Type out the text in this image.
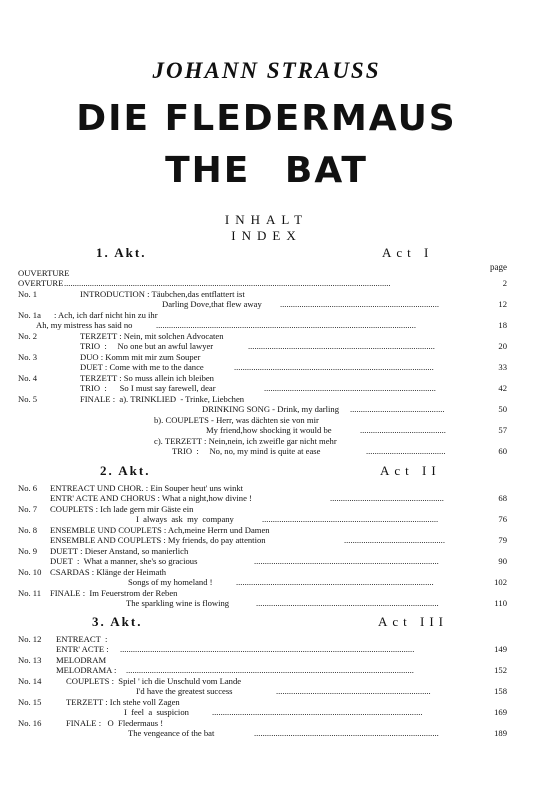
JOHANN STRAUSS
DIE FLEDERMAUS
THE BAT
INHALT
INDEX
1. Akt.	Act I
page
OUVERTURE
OVERTURE ........................................................................................................................................................	2
No. 1	INTRODUCTION : Täubchen,das entflattert ist
Darling Dove,that flew away ..........................................................................	12
No. 1a : Ach, ich darf nicht hin zu ihr
Ah, my mistress has said no	.........................................................................................................................	18
No. 2	TERZETT : Nein, mit solchen Advocaten
TRIO  :     No one but an awful lawyer	.......................................................................................	20
No. 3	DUO : Komm mit mir zum Souper
DUET : Come with me to the dance	.............................................................................................	33
No. 4	TERZETT : So muss allein ich bleiben
TRIO  :      So I must say farewell, dear	................................................................................	42
No. 5	FINALE :  a). TRINKLIED  - Trinke, Liebchen
DRINKING SONG - Drink, my darling ............................................	50
b). COUPLETS - Herr, was dächten sie von mir
My friend,how shocking it would be	........................................	57
c). TERZETT : Nein,nein, ich zweifle gar nicht mehr
TRIO  :     No, no, my mind is quite at ease	.....................................	60
2. Akt.	Act II
No. 6 ENTREACT UND CHOR. : Ein Souper heut' uns winkt
ENTR' ACTE AND CHORUS : What a night,how divine !	.....................................................	68
No. 7 COUPLETS : Ich lade gern mir Gäste ein
I  always  ask  my  company	..................................................................................	76
No. 8 ENSEMBLE UND COUPLETS : Ach,meine Herrn und Damen
ENSEMBLE AND COUPLETS : My friends, do pay attention	...............................................	79
No. 9 DUETT : Dieser Anstand, so manierlich
DUET  :  What a manner, she's so gracious	......................................................................................	90
No. 10 CSARDAS : Klänge der Heimath
Songs of my homeland !	............................................................................................	102
No. 11 FINALE :  Im Feuerstrom der Reben
The sparkling wine is flowing	.....................................................................................	110
3. Akt.	Act III
No. 12 ENTREACT  :
ENTR' ACTE : .........................................................................................................................................	149
No. 13 MELODRAM
MELODRAMA : ......................................................................................................................................	152
No. 14	COUPLETS :  Spiel ' ich die Unschuld vom Lande
I'd have the greatest success	........................................................................	158
No. 15	TERZETT : Ich stehe voll Zagen
I  feel  a  suspicion	..................................................................................................	169
No. 16	FINALE :   O  Fledermaus !
The vengeance of the bat	......................................................................................	189
